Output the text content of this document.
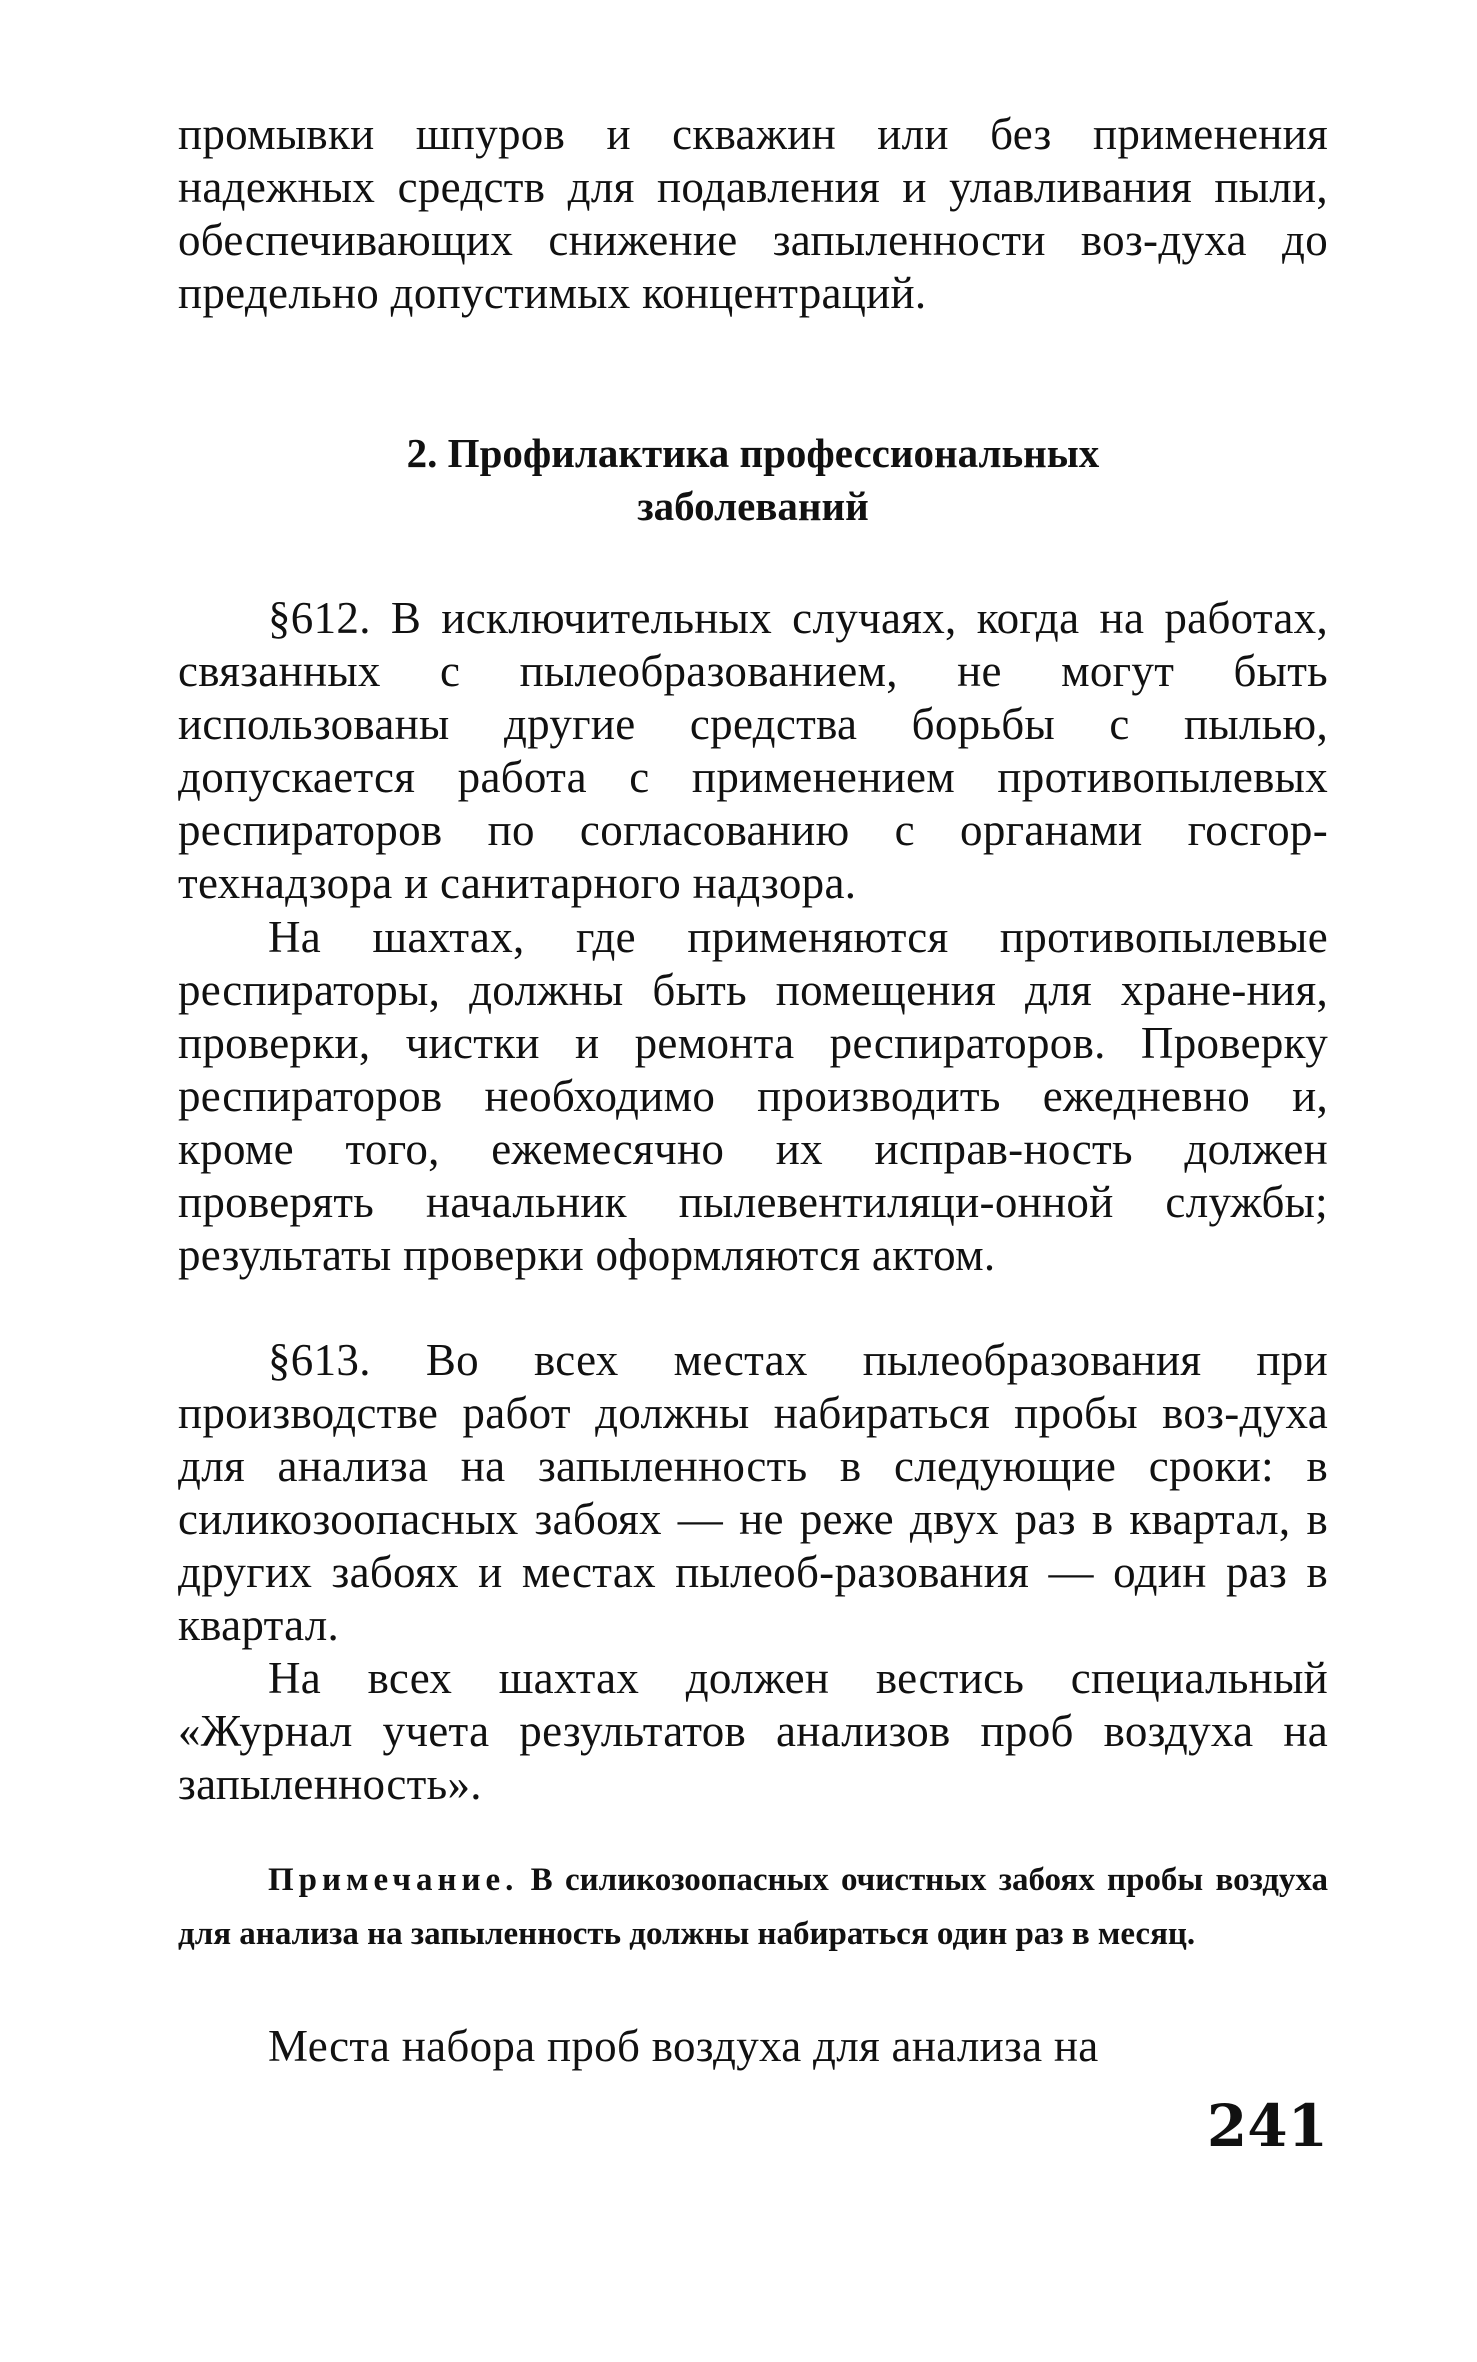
промывки шпуров и скважин или без применения надежных средств для подавления и улавливания пыли, обеспечивающих снижение запыленности воз-духа до предельно допустимых концентраций.

2. Профилактика профессиональных
заболеваний

§612. В исключительных случаях, когда на работах, связанных с пылеобразованием, не могут быть использованы другие средства борьбы с пылью, допускается работа с применением противопылевых респираторов по согласованию с органами госгор-технадзора и санитарного надзора.

На шахтах, где применяются противопылевые респираторы, должны быть помещения для хране-ния, проверки, чистки и ремонта респираторов. Проверку респираторов необходимо производить ежедневно и, кроме того, ежемесячно их исправ-ность должен проверять начальник пылевентиляци-онной службы; результаты проверки оформляются актом.

§613. Во всех местах пылеобразования при производстве работ должны набираться пробы воз-духа для анализа на запыленность в следующие сроки: в силикозоопасных забоях — не реже двух раз в квартал, в других забоях и местах пылеоб-разования — один раз в квартал.

На всех шахтах должен вестись специальный «Журнал учета результатов анализов проб воздуха на запыленность».

Примечание. В силикозоопасных очистных забоях пробы воздуха для анализа на запыленность должны набираться один раз в месяц.

Места набора проб воздуха для анализа на

241
